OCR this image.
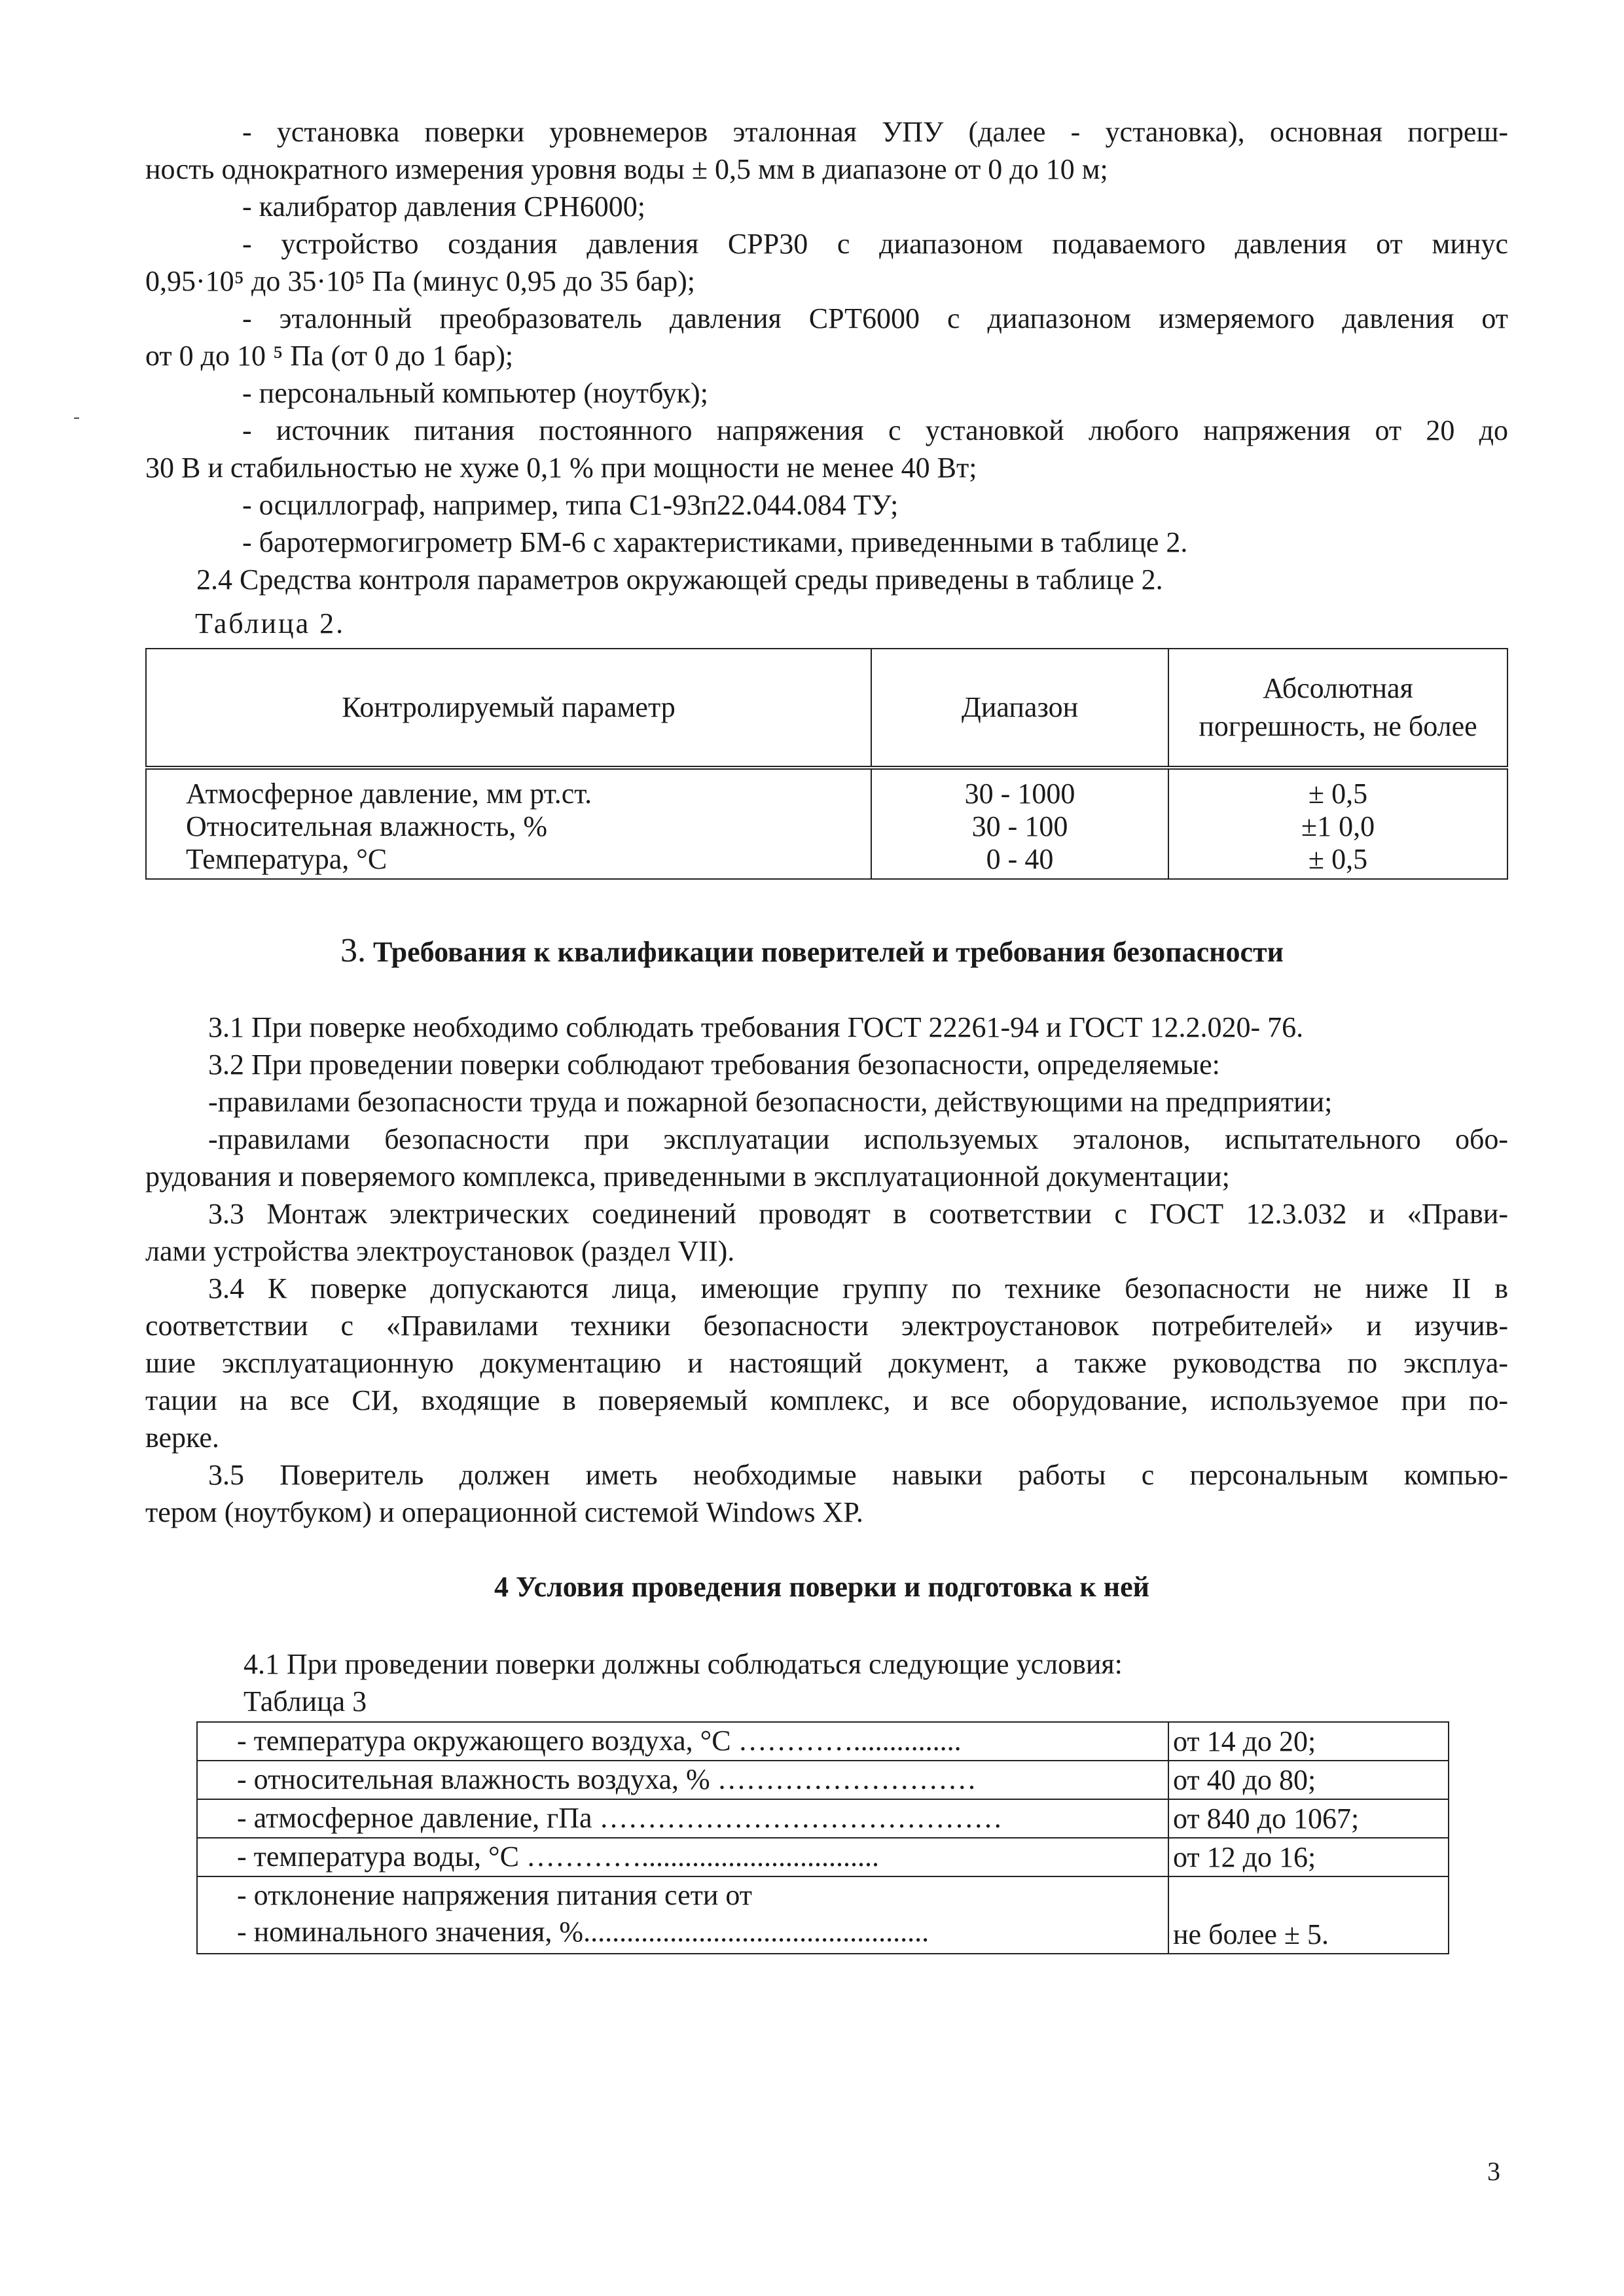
- установка поверки уровнемеров эталонная УПУ (далее - установка), основная погреш-
ность однократного измерения уровня воды ± 0,5 мм в диапазоне от 0 до 10 м;
- калибратор давления СРН6000;
- устройство создания давления СРР30 с диапазоном подаваемого давления от минус
0,95·10⁵ до 35·10⁵ Па (минус 0,95 до 35 бар);
- эталонный преобразователь давления СРТ6000 с диапазоном измеряемого давления от
от 0 до 10 ⁵ Па (от 0 до 1 бар);
- персональный компьютер (ноутбук);
- источник питания постоянного напряжения с установкой любого напряжения от 20 до
30 В и стабильностью не хуже 0,1 % при мощности не менее 40 Вт;
- осциллограф, например, типа С1-93п22.044.084 ТУ;
- баротермогигрометр БМ-6 с характеристиками, приведенными в таблице 2.
2.4 Средства контроля параметров окружающей среды приведены в таблице 2.
-
Таблица 2.
Контролируемый параметр	Диапазон	Абсолютная погрешность, не более
Атмосферное давление, мм рт.ст.	30 - 1000	± 0,5
Относительная влажность, %	30 - 100	±1 0,0
Температура, °С	0 - 40	± 0,5
3. Требования к квалификации поверителей и требования безопасности
3.1 При поверке необходимо соблюдать требования ГОСТ 22261-94 и ГОСТ 12.2.020- 76.
3.2 При проведении поверки соблюдают требования безопасности, определяемые:
-правилами безопасности труда и пожарной безопасности, действующими на предприятии;
-правилами безопасности при эксплуатации используемых эталонов, испытательного обо-
рудования и поверяемого комплекса, приведенными в эксплуатационной документации;
3.3 Монтаж электрических соединений проводят в соответствии с ГОСТ 12.3.032 и «Прави-
лами устройства электроустановок (раздел VII).
3.4 К поверке допускаются лица, имеющие группу по технике безопасности не ниже II в
соответствии с «Правилами техники безопасности электроустановок потребителей» и изучив-
шие эксплуатационную документацию и настоящий документ, а также руководства по эксплуа-
тации на все СИ, входящие в поверяемый комплекс, и все оборудование, используемое при по-
верке.
3.5 Поверитель должен иметь необходимые навыки работы с персональным компью-
тером (ноутбуком) и операционной системой Windows XP.
4 Условия проведения поверки и подготовка к ней
4.1 При проведении поверки должны соблюдаться следующие условия:
Таблица 3
- температура окружающего воздуха, °С …………...............	от 14 до 20;
- относительная влажность воздуха, % ………………………	от 40 до 80;
- атмосферное давление, гПа ……………………………………	от 840 до 1067;
- температура воды, °С ………….................................	от 12 до 16;

- отклонение напряжения питания сети от
- номинального значения, %................................................	не более ± 5.
3
